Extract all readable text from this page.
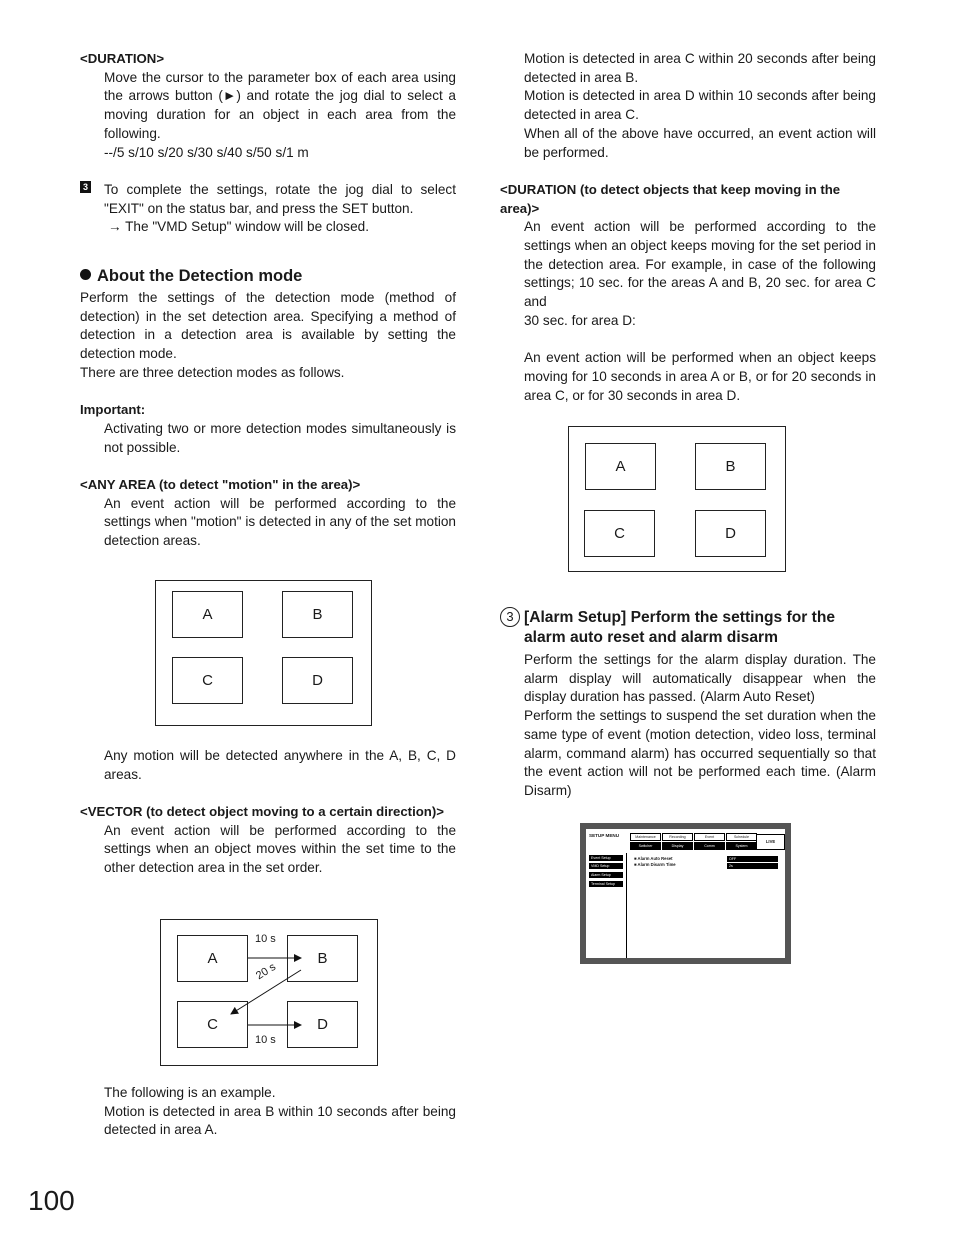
<DURATION>

Move the cursor to the parameter box of each area using the arrows button (►) and rotate the jog dial to select a moving duration for an object in each area from the following.

--/5 s/10 s/20 s/30 s/40 s/50 s/1 m

3 To complete the settings, rotate the jog dial to select "EXIT" on the status bar, and press the SET button.

→ The "VMD Setup" window will be closed.

About the Detection mode

Perform the settings of the detection mode (method of detection) in the set detection area. Specifying a method of detection in a detection area is available by setting the detection mode.

There are three detection modes as follows.

Important:

Activating two or more detection modes simultaneously is not possible.

<ANY AREA (to detect "motion" in the area)>

An event action will be performed according to the settings when "motion" is detected in any of the set motion detection areas.

A	B
C	D

Any motion will be detected anywhere in the A, B, C, D areas.

<VECTOR (to detect object moving to a certain direction)>

An event action will be performed according to the settings when an object moves within the set time to the other detection area in the set order.

A	B
C	D
10 s
20 s
10 s

The following is an example.

Motion is detected in area B within 10 seconds after being detected in area A.

Motion is detected in area C within 20 seconds after being detected in area B.

Motion is detected in area D within 10 seconds after being detected in area C.

When all of the above have occurred, an event action will be performed.

<DURATION (to detect objects that keep moving in the area)>

An event action will be performed according to the settings when an object keeps moving for the set period in the detection area. For example, in case of the following settings; 10 sec. for the areas A and B, 20 sec. for area C and

30 sec. for area D:

An event action will be performed when an object keeps moving for 10 seconds in area A or B, or for 20 seconds in area C, or for 30 seconds in area D.

A	B
C	D

3 [Alarm Setup] Perform the settings for the alarm auto reset and alarm disarm

Perform the settings for the alarm display duration. The alarm display will automatically disappear when the display duration has passed. (Alarm Auto Reset)

Perform the settings to suspend the set duration when the same type of event (motion detection, video loss, terminal alarm, command alarm) has occurred sequentially so that the event action will not be performed each time. (Alarm Disarm)

SETUP MENU	Maintenance	Recording	Event	Schedule
Switcher	Display	Comm	System
LIVE
Event Setup
VMD Setup
Alarm Setup
Terminal Setup
■ Alarm Auto Reset
■ Alarm Disarm Time
OFF
2s
100
